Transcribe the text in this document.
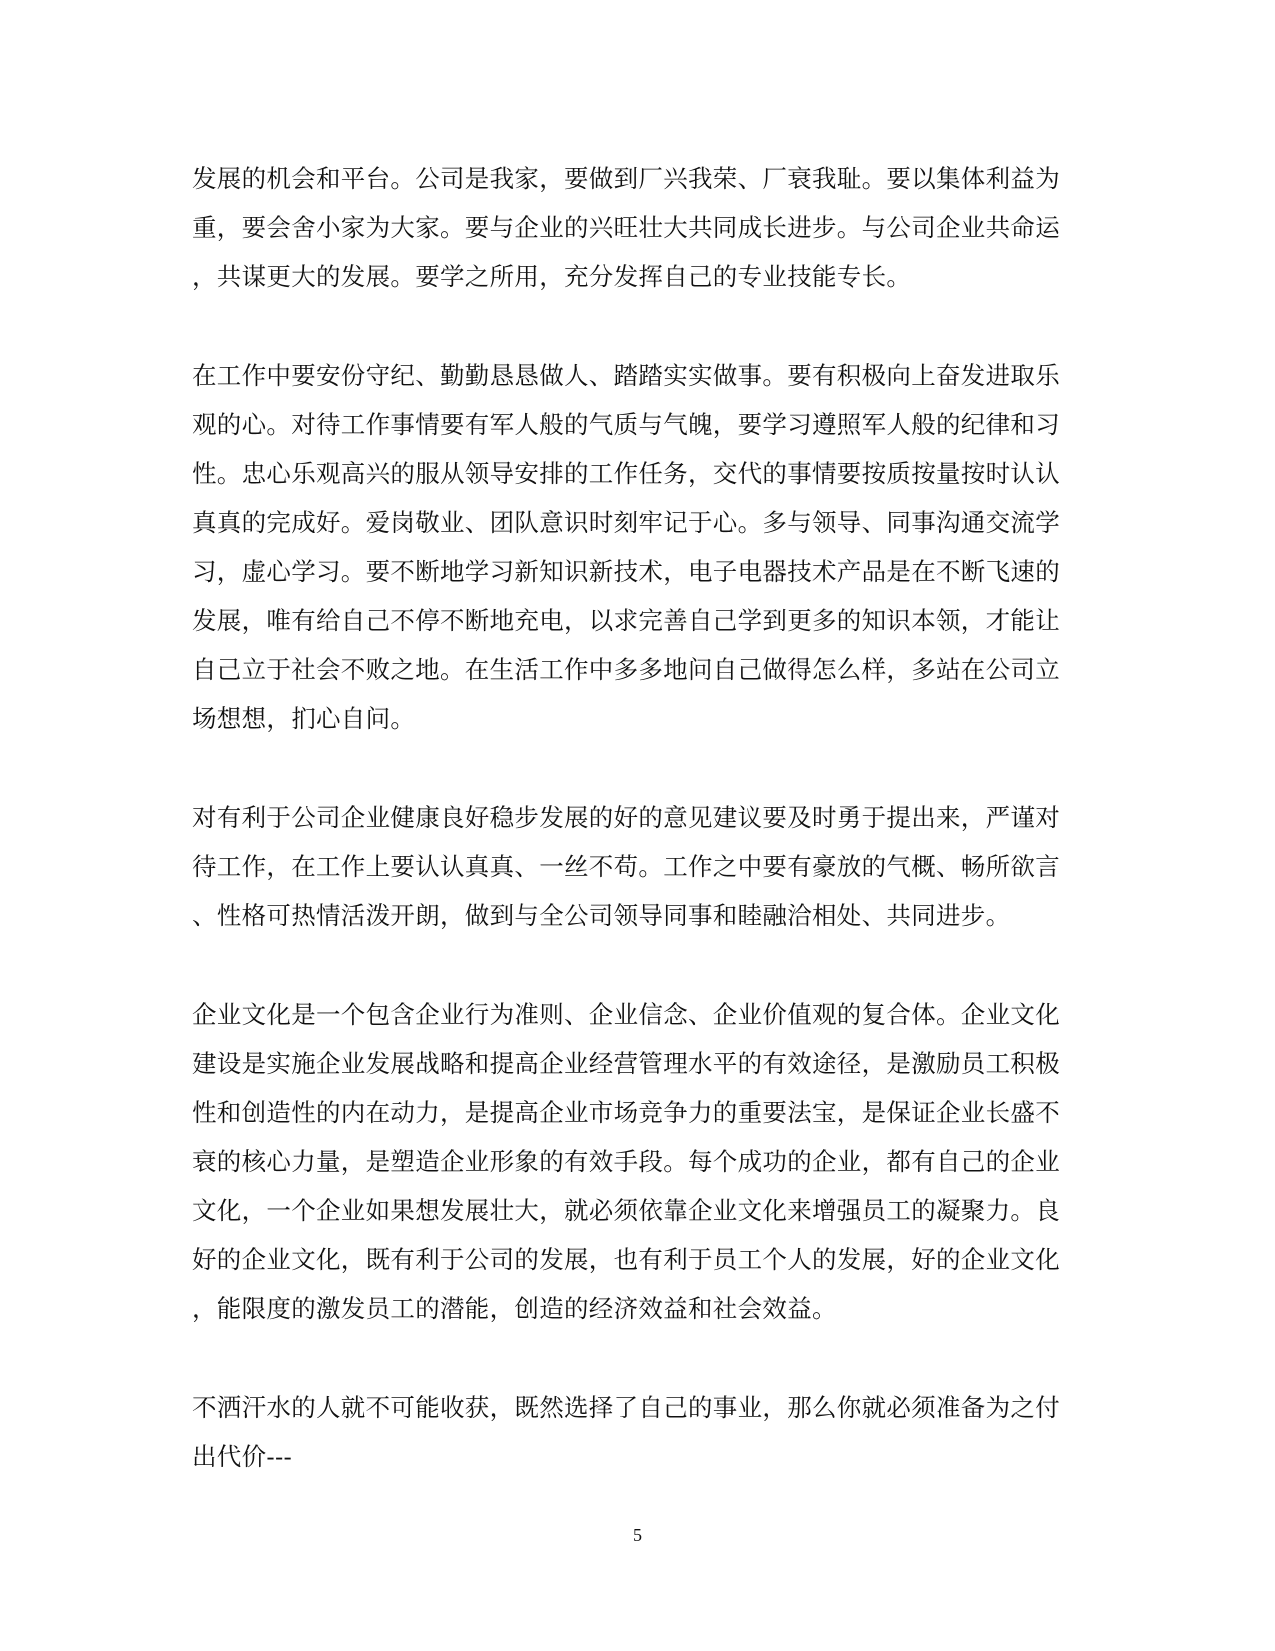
发展的机会和平台。公司是我家，要做到厂兴我荣、厂衰我耻。要以集体利益为
重，要会舍小家为大家。要与企业的兴旺壮大共同成长进步。与公司企业共命运
，共谋更大的发展。要学之所用，充分发挥自己的专业技能专长。
在工作中要安份守纪、勤勤恳恳做人、踏踏实实做事。要有积极向上奋发进取乐
观的心。对待工作事情要有军人般的气质与气魄，要学习遵照军人般的纪律和习
性。忠心乐观高兴的服从领导安排的工作任务，交代的事情要按质按量按时认认
真真的完成好。爱岗敬业、团队意识时刻牢记于心。多与领导、同事沟通交流学
习，虚心学习。要不断地学习新知识新技术，电子电器技术产品是在不断飞速的
发展，唯有给自己不停不断地充电，以求完善自己学到更多的知识本领，才能让
自己立于社会不败之地。在生活工作中多多地问自己做得怎么样，多站在公司立
场想想，扪心自问。
对有利于公司企业健康良好稳步发展的好的意见建议要及时勇于提出来，严谨对
待工作，在工作上要认认真真、一丝不苟。工作之中要有豪放的气概、畅所欲言
、性格可热情活泼开朗，做到与全公司领导同事和睦融洽相处、共同进步。
企业文化是一个包含企业行为准则、企业信念、企业价值观的复合体。企业文化
建设是实施企业发展战略和提高企业经营管理水平的有效途径，是激励员工积极
性和创造性的内在动力，是提高企业市场竞争力的重要法宝，是保证企业长盛不
衰的核心力量，是塑造企业形象的有效手段。每个成功的企业，都有自己的企业
文化，一个企业如果想发展壮大，就必须依靠企业文化来增强员工的凝聚力。良
好的企业文化，既有利于公司的发展，也有利于员工个人的发展，好的企业文化
，能限度的激发员工的潜能，创造的经济效益和社会效益。
不洒汗水的人就不可能收获，既然选择了自己的事业，那么你就必须准备为之付
出代价---
5
